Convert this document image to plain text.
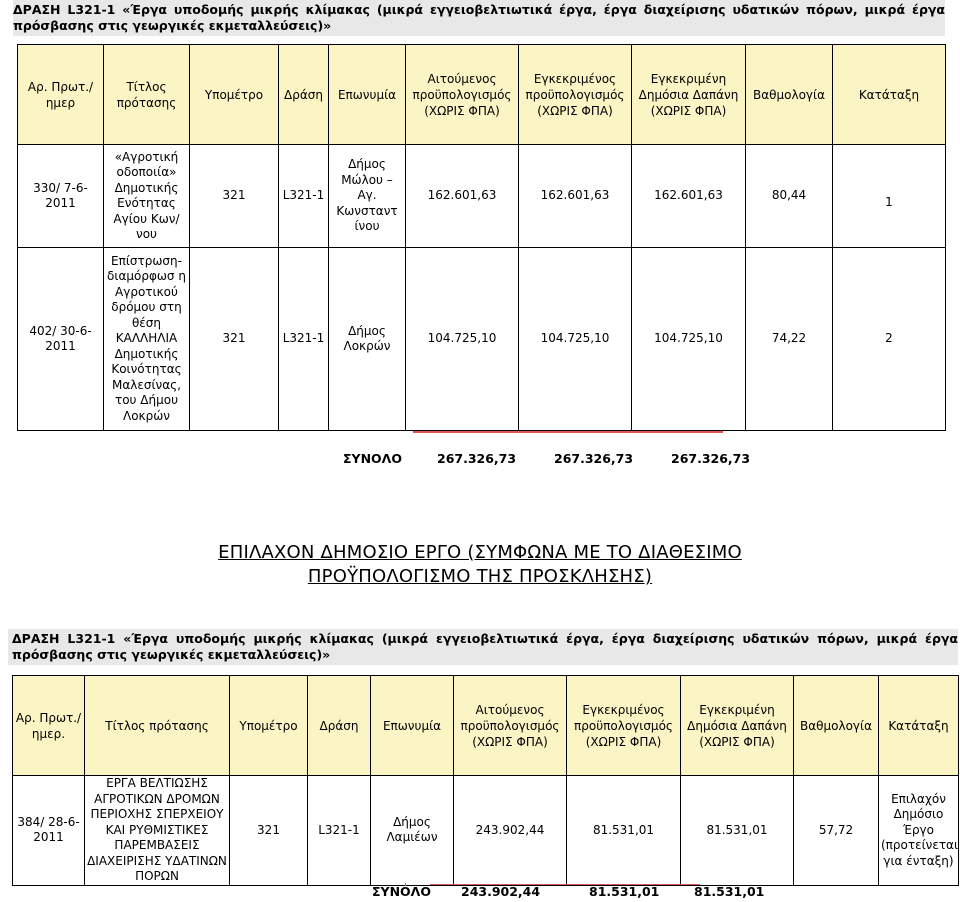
ΔΡΑΣΗ L321-1 «Έργα υποδομής μικρής κλίμακας (μικρά εγγειοβελτιωτικά έργα, έργα διαχείρισης υδατικών πόρων, μικρά έργα πρόσβασης στις γεωργικές εκμεταλλεύσεις)»
Αρ. Πρωτ./ημερ	Τίτλος πρότασης	Υπομέτρο	Δράση	Επωνυμία	Αιτούμενος προϋπολογισμός (ΧΩΡΙΣ ΦΠΑ)	Εγκεκριμένος προϋπολογισμός (ΧΩΡΙΣ ΦΠΑ)	Εγκεκριμένη Δημόσια Δαπάνη (ΧΩΡΙΣ ΦΠΑ)	Βαθμολογία	Κατάταξη
330/ 7-6-2011	«Αγροτική οδοποιία» Δημοτικής Ενότητας Αγίου Κων/νου	321	L321-1	Δήμος Μώλου – Αγ. Κωνσταντ ίνου	162.601,63	162.601,63	162.601,63	80,44	1
402/ 30-6-2011	Επίστρωση- διαμόρφωσ η Αγροτικού δρόμου στη θέση ΚΑΛΛΗΛΙΑ Δημοτικής Κοινότητας Μαλεσίνας, του Δήμου Λοκρών	321	L321-1	Δήμος Λοκρών	104.725,10	104.725,10	104.725,10	74,22	2
ΣΥΝΟΛΟ	267.326,73	267.326,73	267.326,73
ΕΠΙΛΑΧΟΝ ΔΗΜΟΣΙΟ ΕΡΓΟ (ΣΥΜΦΩΝΑ ΜΕ ΤΟ ΔΙΑΘΕΣΙΜΟ
ΠΡΟΫΠΟΛΟΓΙΣΜΟ ΤΗΣ ΠΡΟΣΚΛΗΣΗΣ)
ΔΡΑΣΗ L321-1 «Έργα υποδομής μικρής κλίμακας (μικρά εγγειοβελτιωτικά έργα, έργα διαχείρισης υδατικών πόρων, μικρά έργα πρόσβασης στις γεωργικές εκμεταλλεύσεις)»
Αρ. Πρωτ./ημερ.	Τίτλος πρότασης	Υπομέτρο	Δράση	Επωνυμία	Αιτούμενος προϋπολογισμός (ΧΩΡΙΣ ΦΠΑ)	Εγκεκριμένος προϋπολογισμός (ΧΩΡΙΣ ΦΠΑ)	Εγκεκριμένη Δημόσια Δαπάνη (ΧΩΡΙΣ ΦΠΑ)	Βαθμολογία	Κατάταξη
384/ 28-6-2011	ΕΡΓΑ ΒΕΛΤΙΩΣΗΣ ΑΓΡΟΤΙΚΩΝ ΔΡΟΜΩΝ ΠΕΡΙΟΧΗΣ ΣΠΕΡΧΕΙΟΥ ΚΑΙ ΡΥΘΜΙΣΤΙΚΕΣ ΠΑΡΕΜΒΑΣΕΙΣ ΔΙΑΧΕΙΡΙΣΗΣ ΥΔΑΤΙΝΩΝ ΠΟΡΩΝ	321	L321-1	Δήμος Λαμιέων	243.902,44	81.531,01	81.531,01	57,72	Επιλαχόν Δημόσιο Έργο (προτείνεται για ένταξη)
ΣΥΝΟΛΟ 243.902,44	81.531,01	81.531,01
